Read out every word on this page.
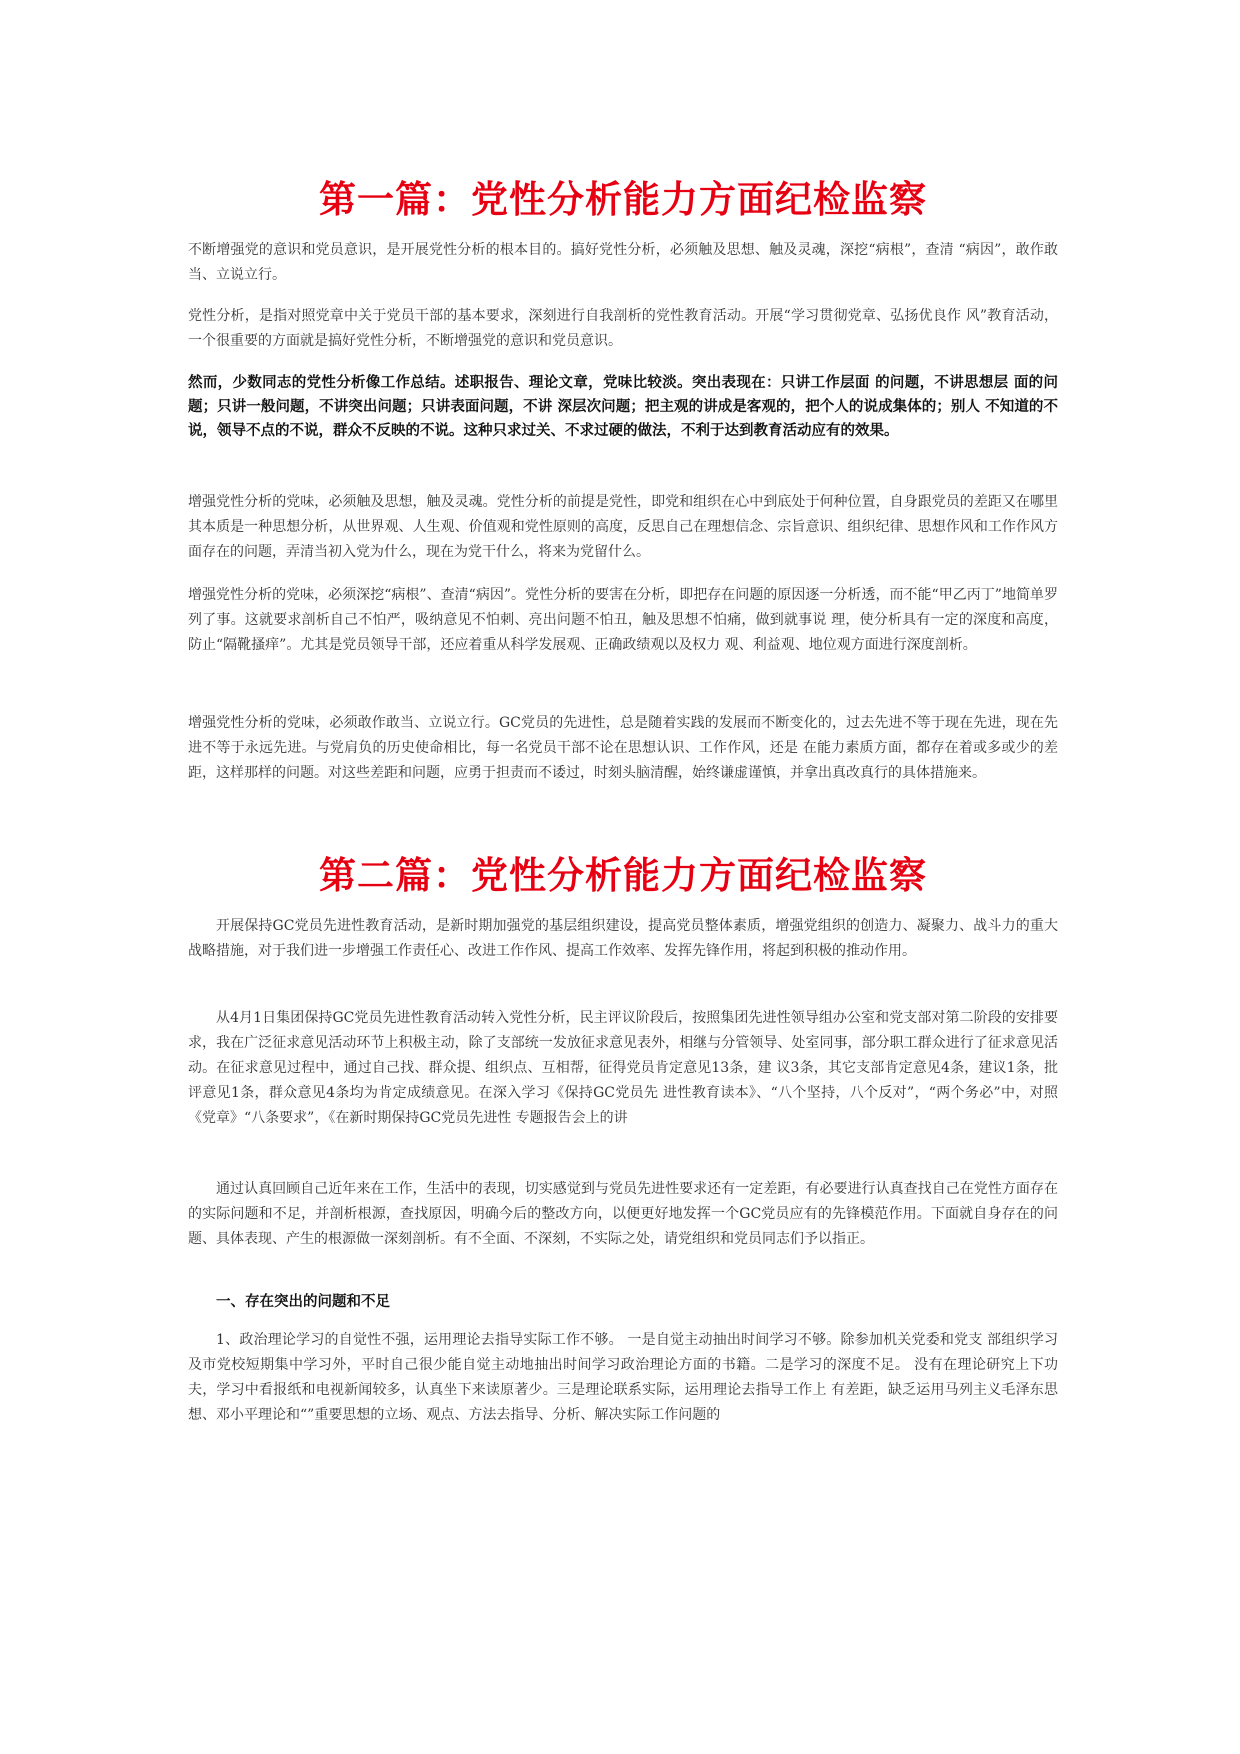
第一篇：党性分析能力方面纪检监察

不断增强党的意识和党员意识，是开展党性分析的根本目的。搞好党性分析，必须触及思想、触及灵魂，深挖“病根”，查清 “病因”，敢作敢当、立说立行。

党性分析，是指对照党章中关于党员干部的基本要求，深刻进行自我剖析的党性教育活动。开展“学习贯彻党章、弘扬优良作 风”教育活动， 一个很重要的方面就是搞好党性分析，不断增强党的意识和党员意识。

然而，少数同志的党性分析像工作总结。述职报告、理论文章，党味比较淡。突出表现在：只讲工作层面 的问题，不讲思想层 面的问题；只讲一般问题，不讲突出问题；只讲表面问题，不讲 深层次问题；把主观的讲成是客观的，把个人的说成集体的；别人 不知道的不说，领导不点的不说，群众不反映的不说。这种只求过关、不求过硬的做法，不利于达到教育活动应有的效果。

增强党性分析的党味，必须触及思想，触及灵魂。党性分析的前提是党性，即党和组织在心中到底处于何种位置，自身跟党员的差距又在哪里其本质是一种思想分析，从世界观、人生观、价值观和党性原则的高度，反思自己在理想信念、宗旨意识、组织纪律、思想作风和工作作风方面存在的问题，弄清当初入党为什么，现在为党干什么，将来为党留什么。

增强党性分析的党味，必须深挖“病根”、查清“病因”。党性分析的要害在分析，即把存在问题的原因逐一分析透，而不能“甲乙丙丁”地简单罗列了事。这就要求剖析自己不怕严，吸纳意见不怕刺、亮出问题不怕丑，触及思想不怕痛，做到就事说 理，使分析具有一定的深度和高度，防止“隔靴搔痒”。尤其是党员领导干部，还应着重从科学发展观、正确政绩观以及权力 观、利益观、地位观方面进行深度剖析。

增强党性分析的党味，必须敢作敢当、立说立行。GC党员的先进性，总是随着实践的发展而不断变化的，过去先进不等于现在先进，现在先进不等于永远先进。与党肩负的历史使命相比，每一名党员干部不论在思想认识、工作作风，还是 在能力素质方面，都存在着或多或少的差距，这样那样的问题。对这些差距和问题，应勇于担责而不诿过，时刻头脑清醒，始终谦虚谨慎，并拿出真改真行的具体措施来。

第二篇：党性分析能力方面纪检监察

开展保持GC党员先进性教育活动，是新时期加强党的基层组织建设，提高党员整体素质，增强党组织的创造力、凝聚力、战斗力的重大战略措施，对于我们进一步增强工作责任心、改进工作作风、提高工作效率、发挥先锋作用，将起到积极的推动作用。

从4月1日集团保持GC党员先进性教育活动转入党性分析，民主评议阶段后，按照集团先进性领导组办公室和党支部对第二阶段的安排要求，我在广泛征求意见活动环节上积极主动，除了支部统一发放征求意见表外，相继与分管领导、处室同事，部分职工群众进行了征求意见活动。在征求意见过程中，通过自己找、群众提、组织点、互相帮，征得党员肯定意见13条，建 议3条，其它支部肯定意见4条，建议1条，批评意见1条，群众意见4条均为肯定成绩意见。在深入学习《保持GC党员先 进性教育读本》、“八个坚持，八个反对”，“两个务必”中，对照《党章》“八条要求”，《在新时期保持GC党员先进性 专题报告会上的讲

通过认真回顾自己近年来在工作，生活中的表现，切实感觉到与党员先进性要求还有一定差距，有必要进行认真查找自己在党性方面存在的实际问题和不足，并剖析根源，查找原因，明确今后的整改方向，以便更好地发挥一个GC党员应有的先锋模范作用。下面就自身存在的问题、具体表现、产生的根源做一深刻剖析。有不全面、不深刻，不实际之处，请党组织和党员同志们予以指正。

一、存在突出的问题和不足

1、政治理论学习的自觉性不强，运用理论去指导实际工作不够。 一是自觉主动抽出时间学习不够。除参加机关党委和党支 部组织学习及市党校短期集中学习外，平时自己很少能自觉主动地抽出时间学习政治理论方面的书籍。二是学习的深度不足。 没有在理论研究上下功夫，学习中看报纸和电视新闻较多，认真坐下来读原著少。三是理论联系实际，运用理论去指导工作上 有差距，缺乏运用马列主义毛泽东思想、邓小平理论和“”重要思想的立场、观点、方法去指导、分析、解决实际工作问题的
